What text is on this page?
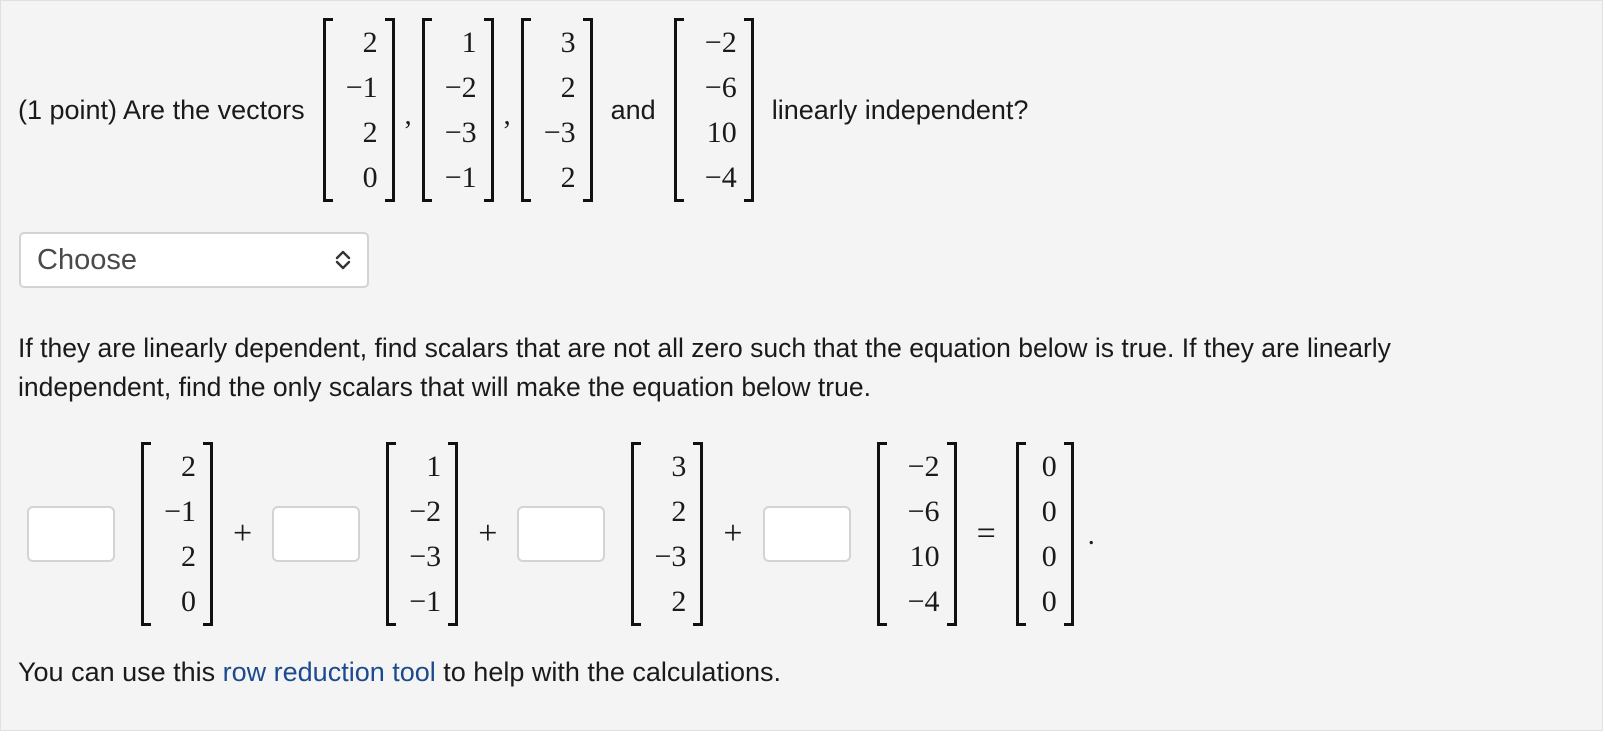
(1 point) Are the vectors
2
−1
2
0
,
1
−2
−3
−1
,
3
2
−3
2
and
−2
−6
10
−4
linearly independent?
Choose
If they are linearly dependent, find scalars that are not all zero such that the equation below is true. If they are linearly independent, find the only scalars that will make the equation below true.
2
−1
2
0
+
1
−2
−3
−1
+
3
2
−3
2
+
−2
−6
10
−4
=
0
0
0
0
.
You can use this row reduction tool to help with the calculations.
